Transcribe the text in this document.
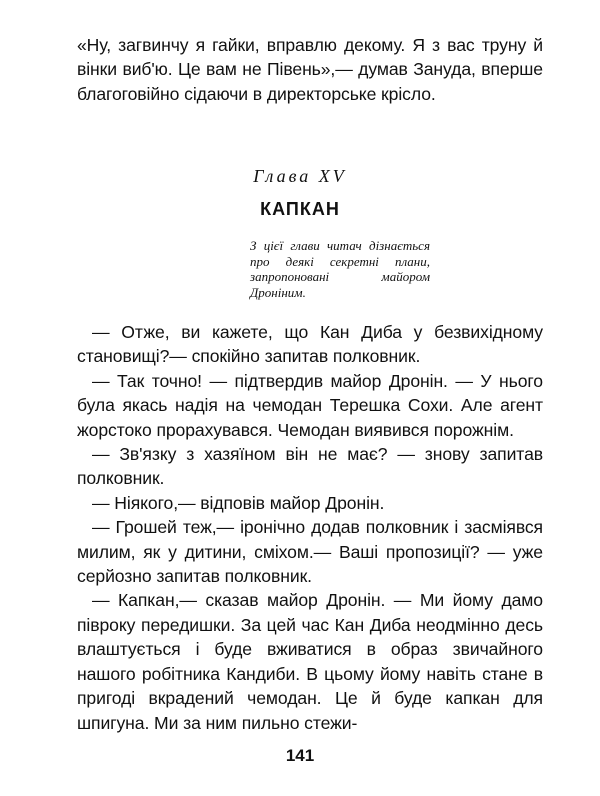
«Ну, загвинчу я гайки, вправлю декому. Я з вас труну й вінки виб'ю. Це вам не Півень»,— думав Зануда, вперше благоговійно сідаючи в директорське крісло.

Глава XV
КАПКАН
З цієї глави читач дізнається про деякі секретні плани, запропоновані майором Дроніним.

— Отже, ви кажете, що Кан Диба у безвихідному становищі?— спокійно запитав полковник.

— Так точно! — підтвердив майор Дронін. — У нього була якась надія на чемодан Терешка Сохи. Але агент жорстоко прорахувався. Чемодан виявився порожнім.

— Зв'язку з хазяїном він не має? — знову запитав полковник.

— Ніякого,— відповів майор Дронін.

— Грошей теж,— іронічно додав полковник і засміявся милим, як у дитини, сміхом.— Ваші пропозиції? — уже серйозно запитав полковник.

— Капкан,— сказав майор Дронін. — Ми йому дамо півроку передишки. За цей час Кан Диба неодмінно десь влаштується і буде вживатися в образ звичайного нашого робітника Кандиби. В цьому йому навіть стане в пригоді вкрадений чемодан. Це й буде капкан для шпигуна. Ми за ним пильно стежи-

141
